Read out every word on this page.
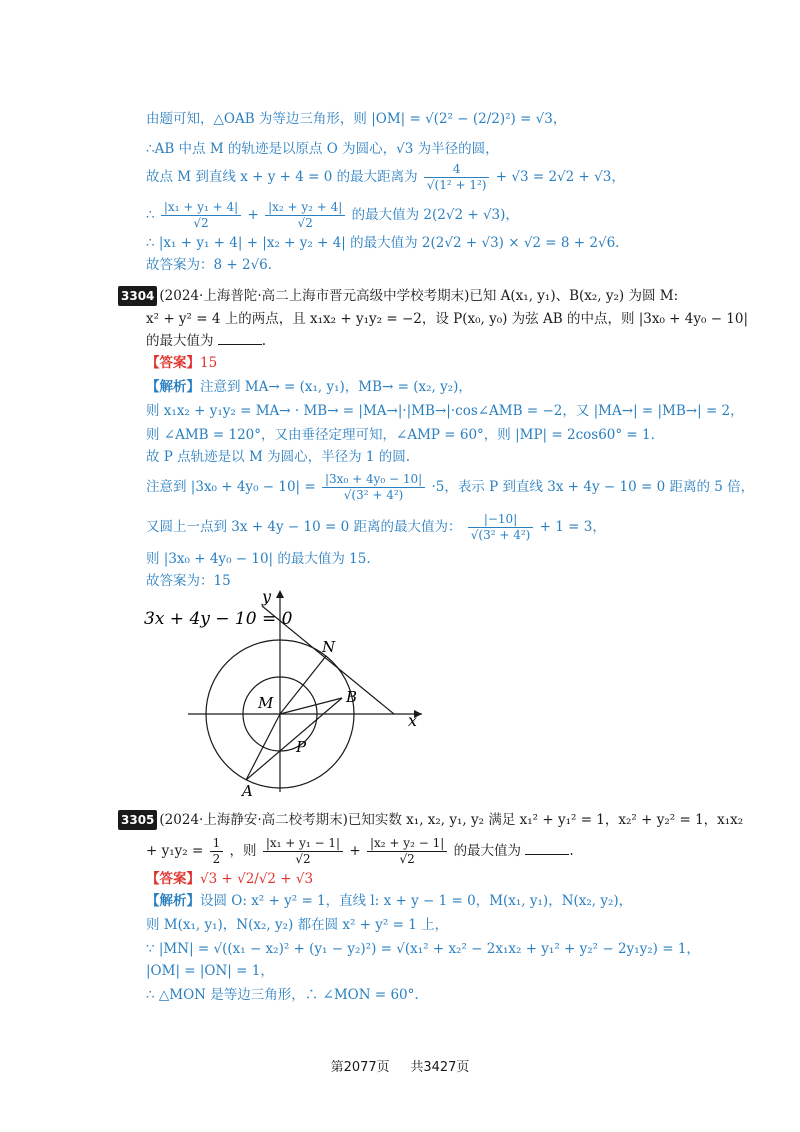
由题可知，△OAB 为等边三角形，则 |OM| = √(2² − (2/2)²) = √3，
∴AB 中点 M 的轨迹是以原点 O 为圆心，√3 为半径的圆，
故点 M 到直线 x + y + 4 = 0 的最大距离为 $\frac{4}{\text{√(1² + 1²)}} + √3 = 2√2 + √3$，
∴ $\frac{\text{|x₁ + y₁ + 4|}}{√2} + \frac{\text{|x₂ + y₂ + 4|}}{√2}$ 的最大值为 2(2√2 + √3)，
∴ |x₁ + y₁ + 4| + |x₂ + y₂ + 4| 的最大值为 2(2√2 + √3) × √2 = 8 + 2√6.
故答案为：8 + 2√6.
3304 (2024·上海普陀·高二上海市晋元高级中学校考期末)已知 A(x₁, y₁)、B(x₂, y₂) 为圆 M:
x² + y² = 4 上的两点，且 x₁x₂ + y₁y₂ = −2，设 P(x₀, y₀) 为弦 AB 的中点，则 |3x₀ + 4y₀ − 10|
的最大值为	.
【答案】15
【解析】注意到 MA→ = (x₁, y₁)，MB→ = (x₂, y₂)，
则 x₁x₂ + y₁y₂ = MA→ · MB→ = |MA→|·|MB→|·cos∠AMB = −2，又 |MA→| = |MB→| = 2，
则 ∠AMB = 120°，又由垂径定理可知，∠AMP = 60°，则 |MP| = 2cos60° = 1.
故 P 点轨迹是以 M 为圆心，半径为 1 的圆.
注意到 $|3x_0 + 4y_0 - 10| = \frac{\text{|3x₀ + 4y₀ − 10|}}{\text{√(3² + 4²)}} \cdot 5$，表示 P 到直线 3x + 4y − 10 = 0 距离的 5 倍，
又圆上一点到 3x + 4y − 10 = 0 距离的最大值为： $\frac{|-10|}{\text{√(3² + 4²)}} + 1 = 3$，
则 |3x₀ + 4y₀ − 10| 的最大值为 15.
故答案为：15
3x + 4y − 10 = 0
y
x
N
M	B
P
A
3305 (2024·上海静安·高二校考期末)已知实数 x₁, x₂, y₁, y₂ 满足 x₁² + y₁² = 1，x₂² + y₂² = 1，x₁x₂
+ $y_1y_2 = \frac{1}{2}$ ，则 $\frac{\text{|x₁ + y₁ − 1|}}{√2} + \frac{\text{|x₂ + y₂ − 1|}}{√2}$ 的最大值为	.
【答案】√3 + √2/√2 + √3
【解析】设圆 O: x² + y² = 1，直线 l: x + y − 1 = 0，M(x₁, y₁)，N(x₂, y₂)，
则 M(x₁, y₁)，N(x₂, y₂) 都在圆 x² + y² = 1 上，
∵ |MN| = √((x₁ − x₂)² + (y₁ − y₂)²) = √(x₁² + x₂² − 2x₁x₂ + y₁² + y₂² − 2y₁y₂) = 1，
|OM| = |ON| = 1，
∴ △MON 是等边三角形，∴ ∠MON = 60°.
第2077页 共3427页
